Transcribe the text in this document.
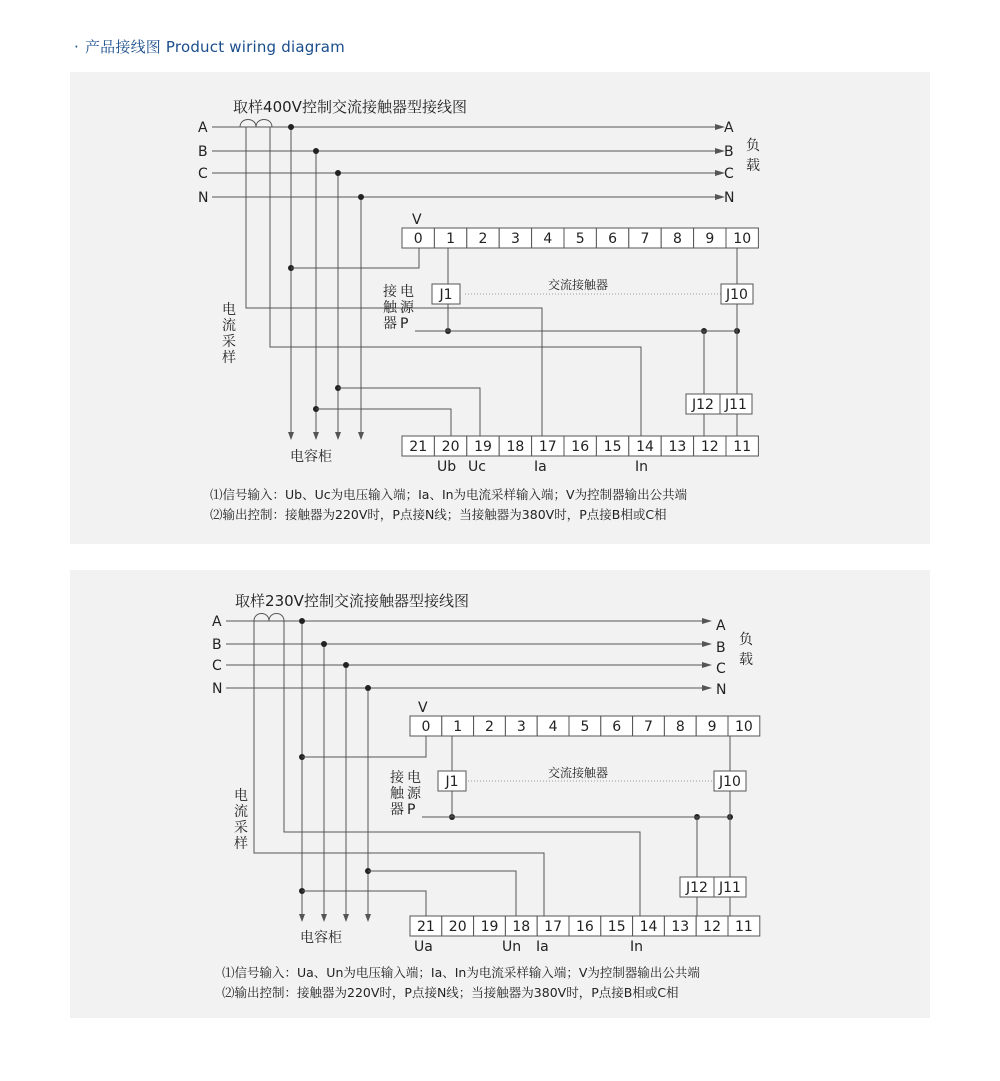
· 产品接线图 Product wiring diagram
取样400V控制交流接触器型接线图
A
B
C
N
A
B
C
N
负
载
交流接触器
J1	J10
J12 J11
接
触
器
电
源
P
电
流
采
样
电容柜
V
0 1 2 3 4 5 6 7 8 9 10
21 20 19 18 17 16 15 14 13 12 11
Ub Uc	Ia	In
⑴信号输入：Ub、Uc为电压输入端；Ia、In为电流采样输入端；V为控制器输出公共端
⑵输出控制：接触器为220V时，P点接N线；当接触器为380V时，P点接B相或C相
取样230V控制交流接触器型接线图
A
B
C
N
A
B
C
N
负
载
交流接触器
J1	J10
J12 J11
接
触
器
电
源
P
电
流
采
样
电容柜
V
0 1 2 3 4 5 6 7 8 9 10
21 20 19 18 17 16 15 14 13 12 11
Ua	Un Ia	In
⑴信号输入：Ua、Un为电压输入端；Ia、In为电流采样输入端；V为控制器输出公共端
⑵输出控制：接触器为220V时，P点接N线；当接触器为380V时，P点接B相或C相
